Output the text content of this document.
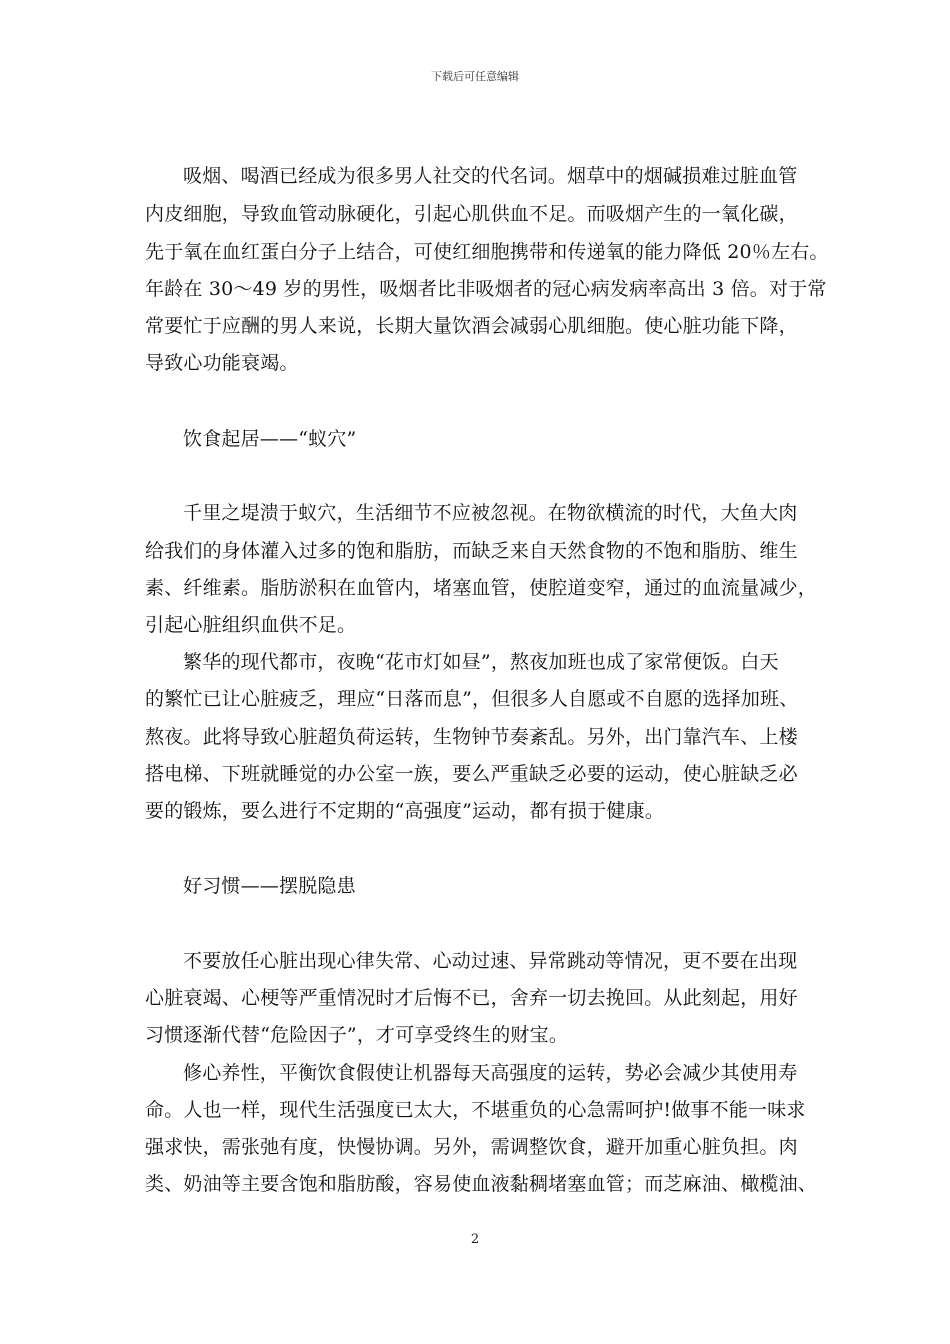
下载后可任意编辑
吸烟、喝酒已经成为很多男人社交的代名词。烟草中的烟碱损难过脏血管
内皮细胞，导致血管动脉硬化，引起心肌供血不足。而吸烟产生的一氧化碳，
先于氧在血红蛋白分子上结合，可使红细胞携带和传递氧的能力降低 20％左右。
年龄在 30～49 岁的男性，吸烟者比非吸烟者的冠心病发病率高出 3 倍。对于常
常要忙于应酬的男人来说，长期大量饮酒会减弱心肌细胞。使心脏功能下降，
导致心功能衰竭。
饮食起居——“蚁穴”
千里之堤溃于蚁穴，生活细节不应被忽视。在物欲横流的时代，大鱼大肉
给我们的身体灌入过多的饱和脂肪，而缺乏来自天然食物的不饱和脂肪、维生
素、纤维素。脂肪淤积在血管内，堵塞血管，使腔道变窄，通过的血流量减少，
引起心脏组织血供不足。
繁华的现代都市，夜晚“花市灯如昼”，熬夜加班也成了家常便饭。白天
的繁忙已让心脏疲乏，理应“日落而息”，但很多人自愿或不自愿的选择加班、
熬夜。此将导致心脏超负荷运转，生物钟节奏紊乱。另外，出门靠汽车、上楼
搭电梯、下班就睡觉的办公室一族，要么严重缺乏必要的运动，使心脏缺乏必
要的锻炼，要么进行不定期的“高强度”运动，都有损于健康。
好习惯——摆脱隐患
不要放任心脏出现心律失常、心动过速、异常跳动等情况，更不要在出现
心脏衰竭、心梗等严重情况时才后悔不已，舍弃一切去挽回。从此刻起，用好
习惯逐渐代替“危险因子”，才可享受终生的财宝。
修心养性，平衡饮食假使让机器每天高强度的运转，势必会减少其使用寿
命。人也一样，现代生活强度已太大，不堪重负的心急需呵护!做事不能一味求
强求快，需张弛有度，快慢协调。另外，需调整饮食，避开加重心脏负担。肉
类、奶油等主要含饱和脂肪酸，容易使血液黏稠堵塞血管；而芝麻油、橄榄油、
2
